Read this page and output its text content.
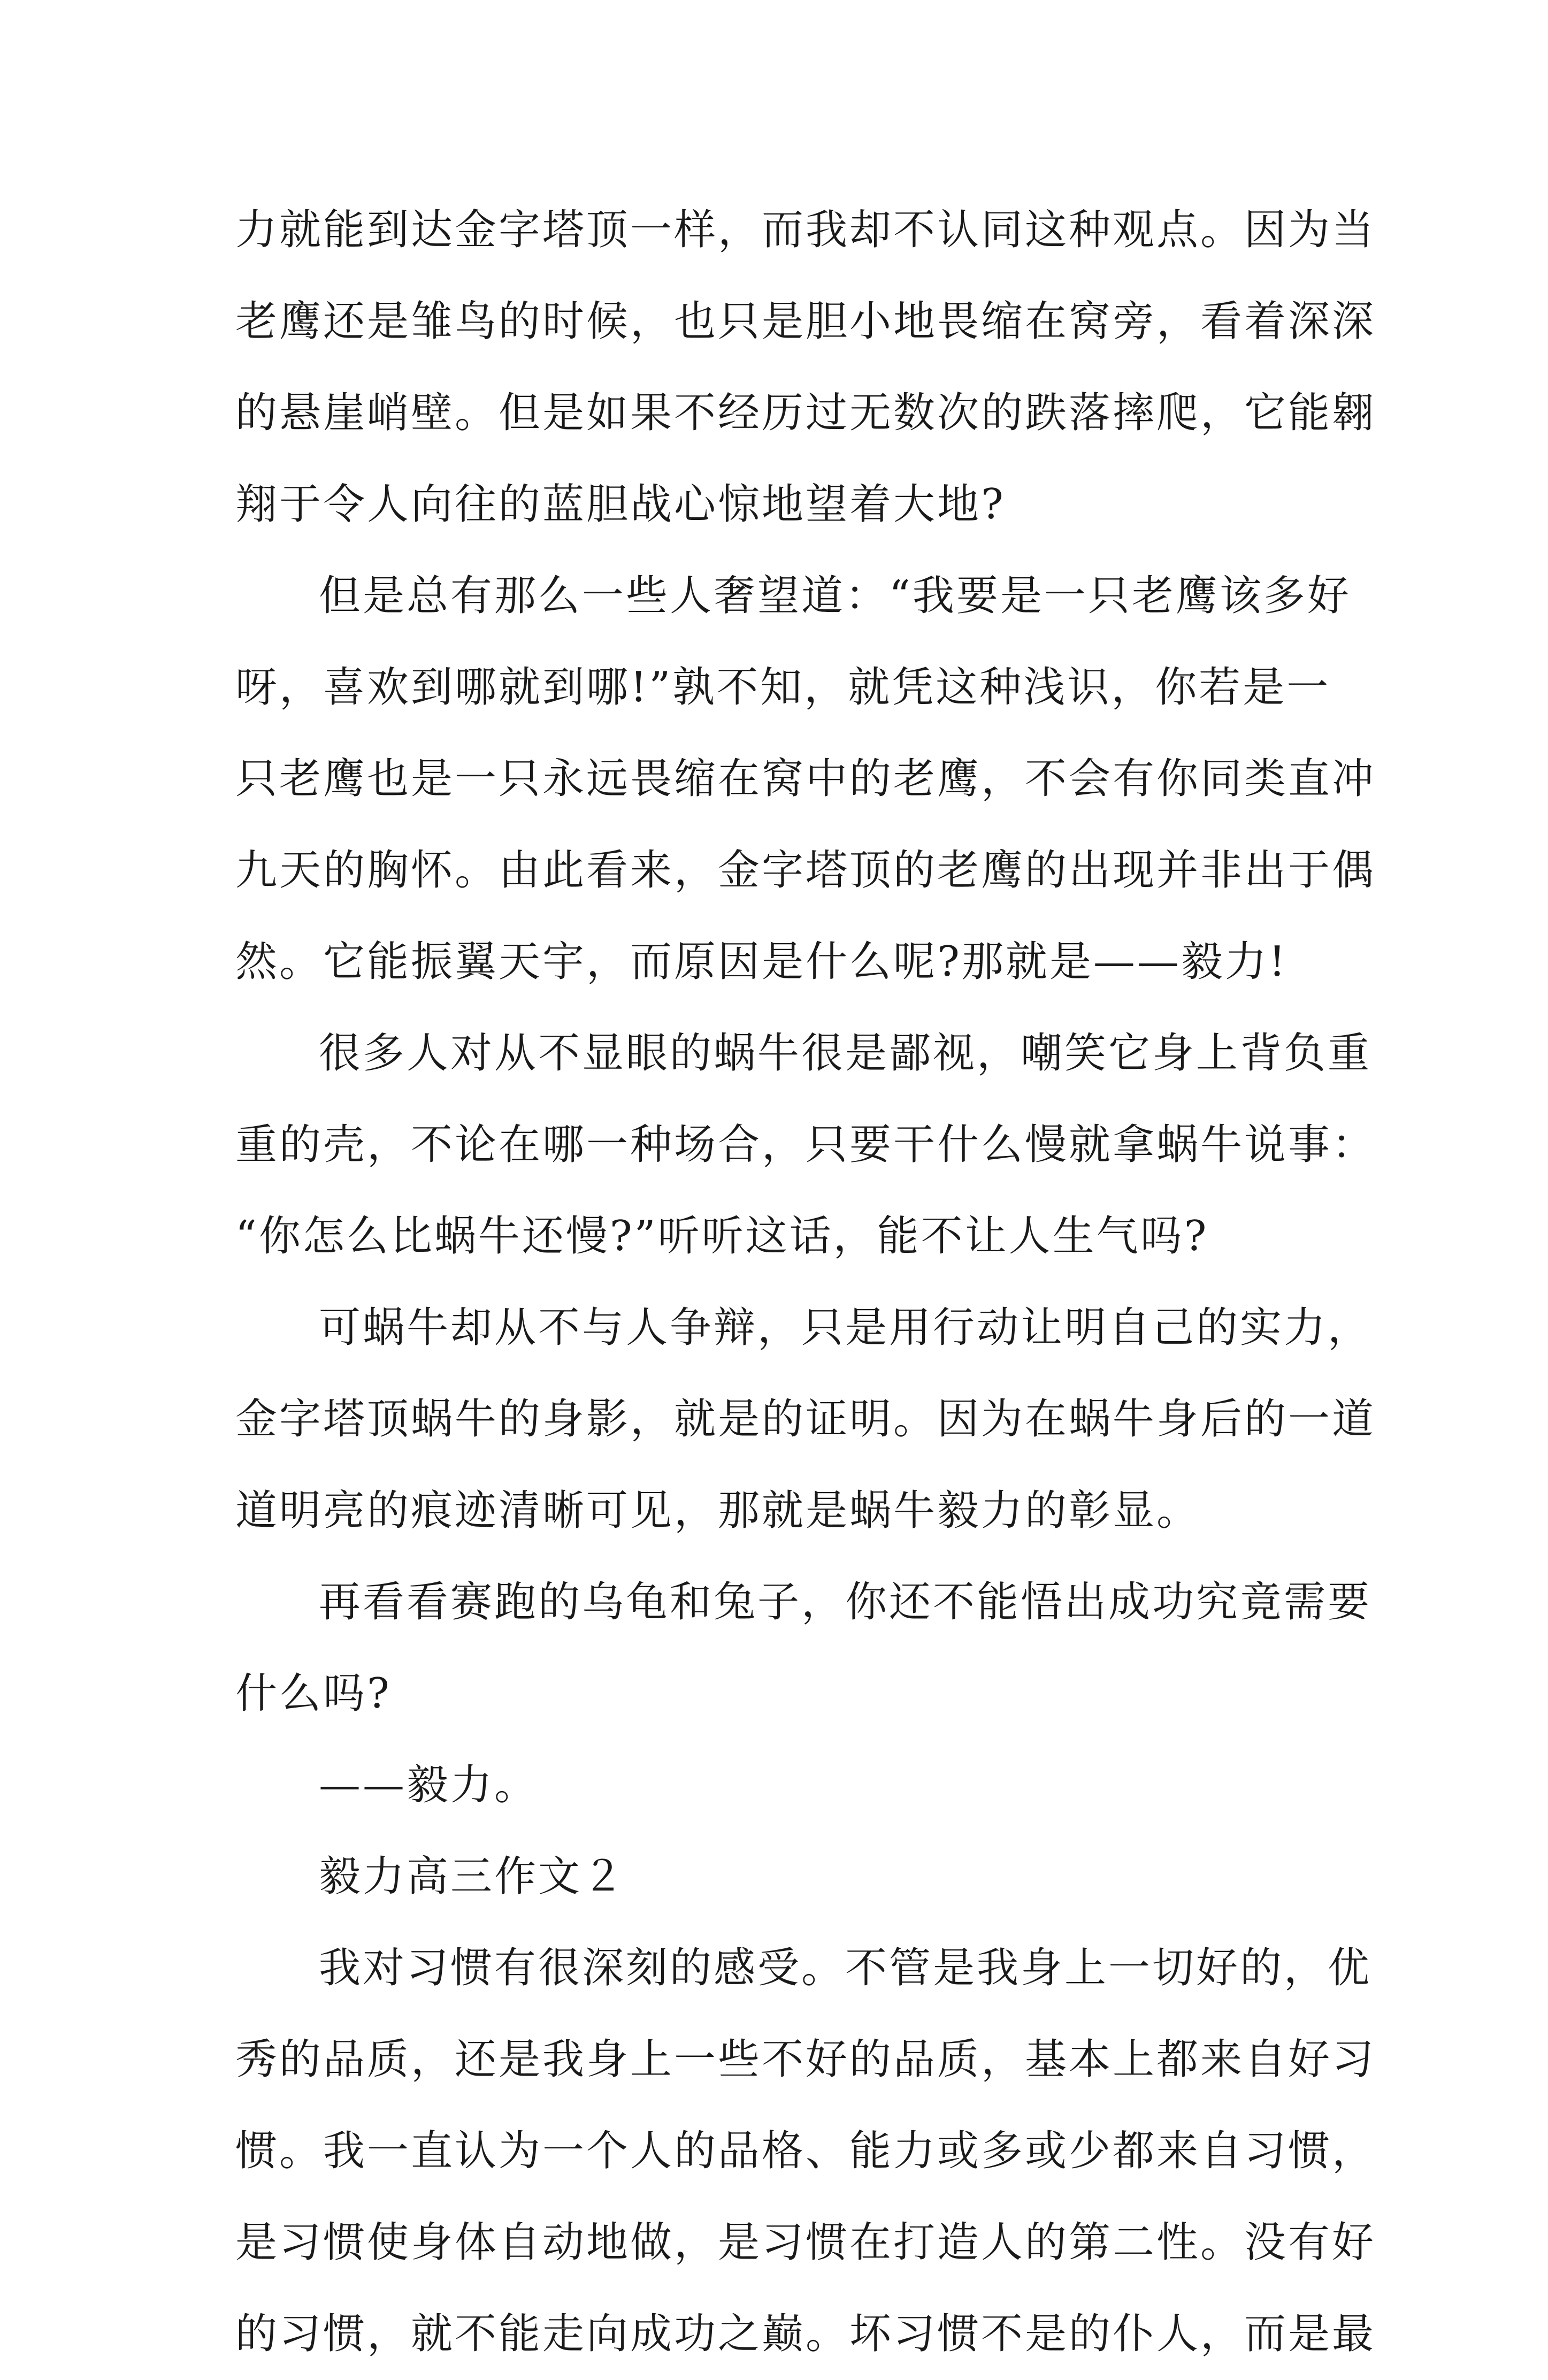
力就能到达金字塔顶一样，而我却不认同这种观点。因为当
老鹰还是雏鸟的时候，也只是胆小地畏缩在窝旁，看着深深
的悬崖峭壁。但是如果不经历过无数次的跌落摔爬，它能翱
翔于令人向往的蓝胆战心惊地望着大地?
但是总有那么一些人奢望道：“我要是一只老鹰该多好
呀，喜欢到哪就到哪!”孰不知，就凭这种浅识，你若是一
只老鹰也是一只永远畏缩在窝中的老鹰，不会有你同类直冲
九天的胸怀。由此看来，金字塔顶的老鹰的出现并非出于偶
然。它能振翼天宇，而原因是什么呢?那就是——毅力!
很多人对从不显眼的蜗牛很是鄙视，嘲笑它身上背负重
重的壳，不论在哪一种场合，只要干什么慢就拿蜗牛说事：
“你怎么比蜗牛还慢?”听听这话，能不让人生气吗?
可蜗牛却从不与人争辩，只是用行动让明自己的实力，
金字塔顶蜗牛的身影，就是的证明。因为在蜗牛身后的一道
道明亮的痕迹清晰可见，那就是蜗牛毅力的彰显。
再看看赛跑的乌龟和兔子，你还不能悟出成功究竟需要
什么吗?
——毅力。
毅力高三作文２
我对习惯有很深刻的感受。不管是我身上一切好的，优
秀的品质，还是我身上一些不好的品质，基本上都来自好习
惯。我一直认为一个人的品格、能力或多或少都来自习惯，
是习惯使身体自动地做，是习惯在打造人的第二性。没有好
的习惯，就不能走向成功之巅。坏习惯不是的仆人，而是最
